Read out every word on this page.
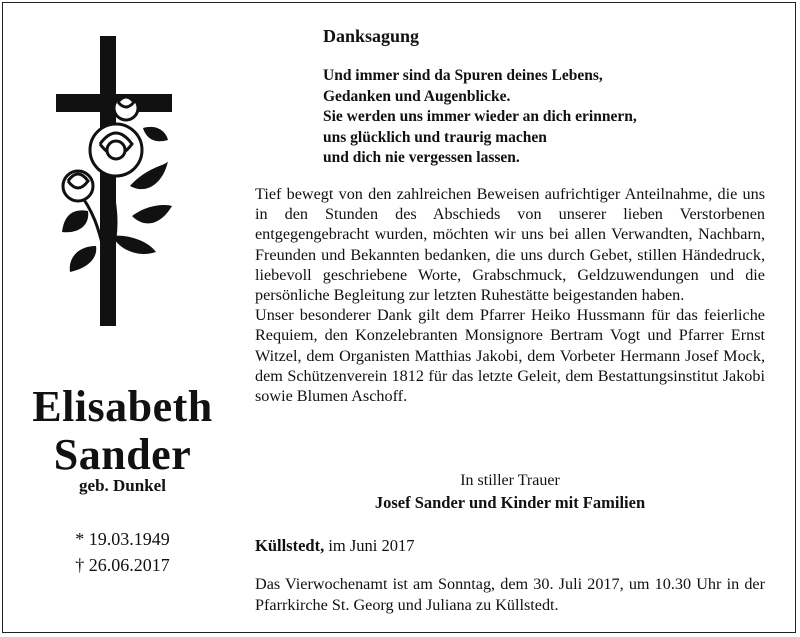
Elisabeth
Sander
geb. Dunkel
* 19.03.1949
† 26.06.2017
Danksagung
Und immer sind da Spuren deines Lebens,
Gedanken und Augenblicke.
Sie werden uns immer wieder an dich erinnern,
uns glücklich und traurig machen
und dich nie vergessen lassen.

Tief bewegt von den zahlreichen Beweisen aufrichtiger Anteilnahme, die uns in den Stunden des Abschieds von unserer lieben Verstorbenen entgegengebracht wurden, möchten wir uns bei allen Verwandten, Nachbarn, Freunden und Bekannten bedanken, die uns durch Gebet, stillen Händedruck, liebevoll geschriebene Worte, Grabschmuck, Geldzuwendungen und die persönliche Begleitung zur letzten Ruhestätte beigestanden haben.

Unser besonderer Dank gilt dem Pfarrer Heiko Hussmann für das feierliche Requiem, den Konzelebranten Monsignore Bertram Vogt und Pfarrer Ernst Witzel, dem Organisten Matthias Jakobi, dem Vorbeter Hermann Josef Mock, dem Schützenverein 1812 für das letzte Geleit, dem Bestattungsinstitut Jakobi sowie Blumen Aschoff.

In stiller Trauer
Josef Sander und Kinder mit Familien
Küllstedt, im Juni 2017
Das Vierwochenamt ist am Sonntag, dem 30. Juli 2017, um 10.30 Uhr in der Pfarrkirche St. Georg und Juliana zu Küllstedt.
